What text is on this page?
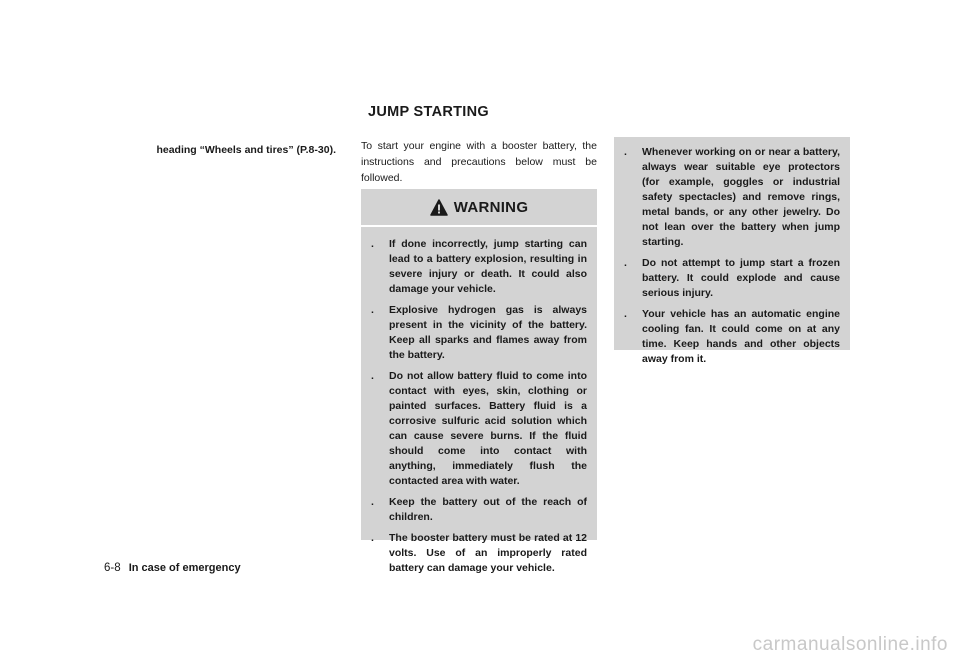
heading “Wheels and tires” (P.8-30).
JUMP STARTING
To start your engine with a booster battery, the instructions and precautions below must be followed.
WARNING
.	If done incorrectly, jump starting can lead to a battery explosion, resulting in severe injury or death. It could also damage your vehicle.
.	Explosive hydrogen gas is always present in the vicinity of the battery. Keep all sparks and flames away from the battery.
.	Do not allow battery fluid to come into contact with eyes, skin, clothing or painted surfaces. Battery fluid is a corrosive sulfuric acid solution which can cause severe burns. If the fluid should come into contact with anything, immediately flush the contacted area with water.
.	Keep the battery out of the reach of children.
.	The booster battery must be rated at 12 volts. Use of an improperly rated battery can damage your vehicle.
.	Whenever working on or near a battery, always wear suitable eye protectors (for example, goggles or industrial safety spectacles) and remove rings, metal bands, or any other jewelry. Do not lean over the battery when jump starting.
.	Do not attempt to jump start a frozen battery. It could explode and cause serious injury.
.	Your vehicle has an automatic engine cooling fan. It could come on at any time. Keep hands and other objects away from it.
6-8 In case of emergency
carmanualsonline.info
